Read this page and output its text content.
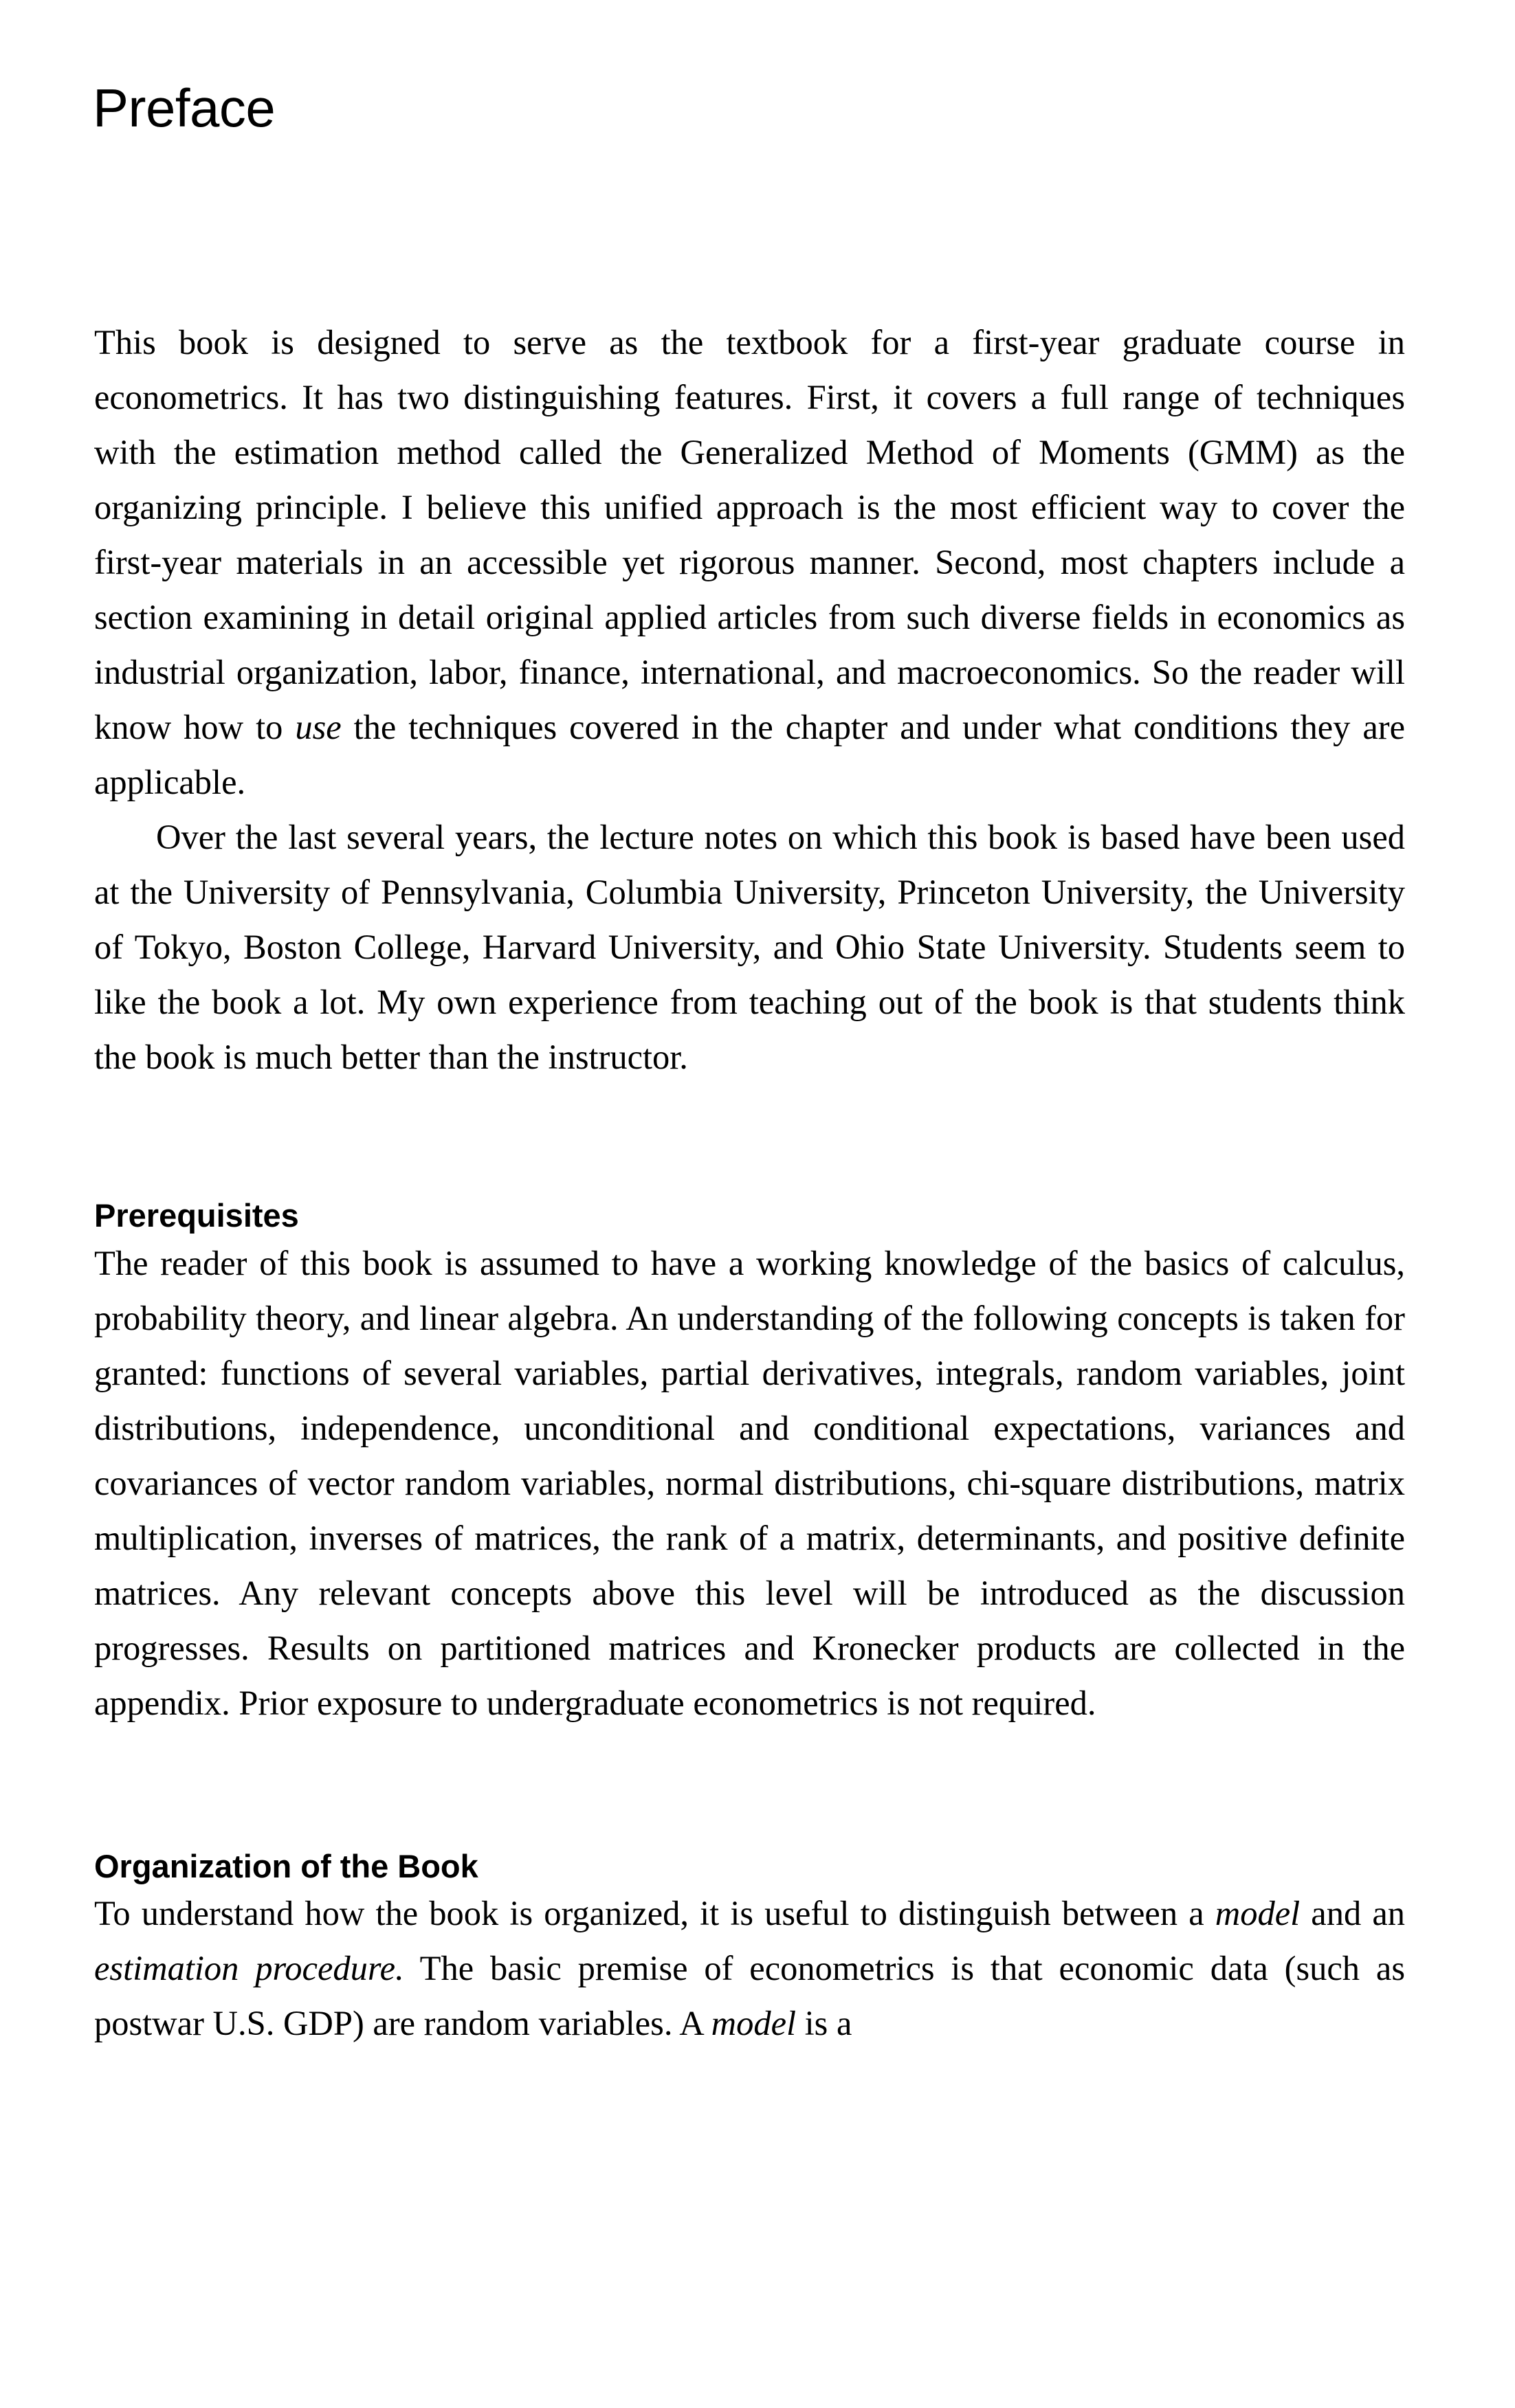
Preface

This book is designed to serve as the textbook for a first-year graduate course in econometrics. It has two distinguishing features. First, it covers a full range of techniques with the estimation method called the Generalized Method of Moments (GMM) as the organizing principle. I believe this unified approach is the most efficient way to cover the first-year materials in an accessible yet rigorous manner. Second, most chapters include a section examining in detail original applied articles from such diverse fields in economics as industrial organization, labor, finance, international, and macroeconomics. So the reader will know how to use the techniques covered in the chapter and under what conditions they are applicable.

Over the last several years, the lecture notes on which this book is based have been used at the University of Pennsylvania, Columbia University, Princeton University, the University of Tokyo, Boston College, Harvard University, and Ohio State University. Students seem to like the book a lot. My own experience from teaching out of the book is that students think the book is much better than the instructor.

Prerequisites

The reader of this book is assumed to have a working knowledge of the basics of calculus, probability theory, and linear algebra. An understanding of the following concepts is taken for granted: functions of several variables, partial derivatives, integrals, random variables, joint distributions, independence, unconditional and conditional expectations, variances and covariances of vector random variables, normal distributions, chi-square distributions, matrix multiplication, inverses of matrices, the rank of a matrix, determinants, and positive definite matrices. Any relevant concepts above this level will be introduced as the discussion progresses. Results on partitioned matrices and Kronecker products are collected in the appendix. Prior exposure to undergraduate econometrics is not required.

Organization of the Book

To understand how the book is organized, it is useful to distinguish between a model and an estimation procedure. The basic premise of econometrics is that economic data (such as postwar U.S. GDP) are random variables. A model is a
